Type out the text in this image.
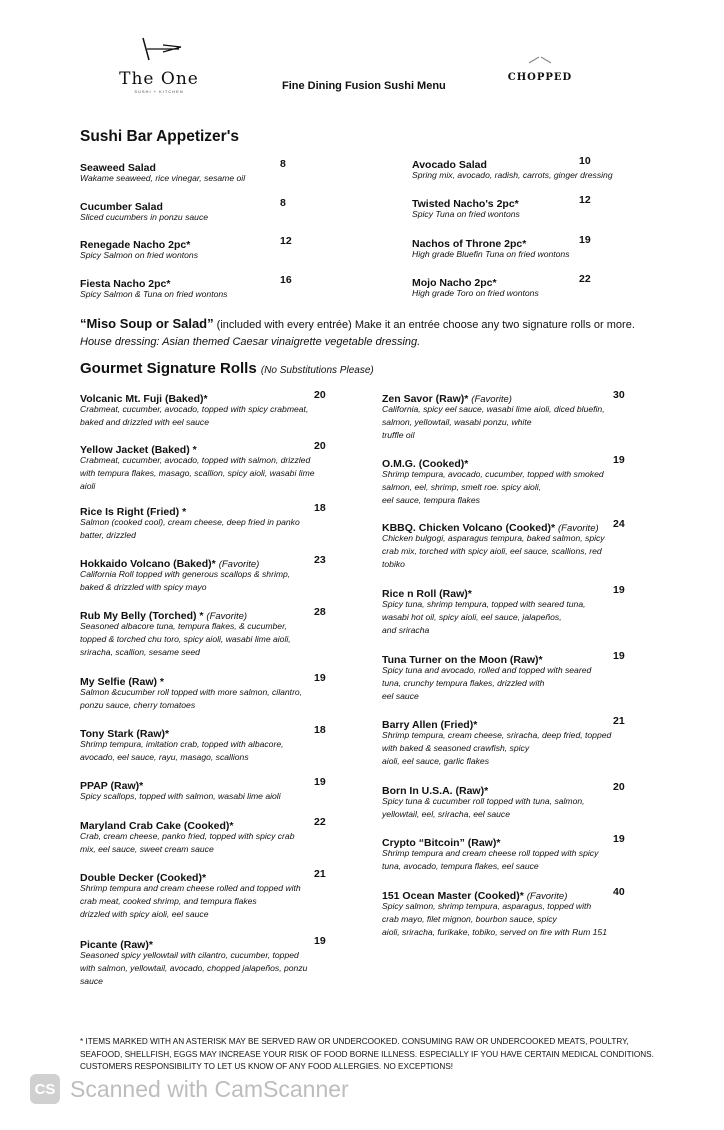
The One
SUSHI + KITCHEN	Fine Dining Fusion Sushi Menu
CHOPPED
Sushi Bar Appetizer's
Seaweed Salad	8
Wakame seaweed, rice vinegar, sesame oil
Cucumber Salad	8
Sliced cucumbers in ponzu sauce
Renegade Nacho 2pc*	12
Spicy Salmon on fried wontons
Fiesta Nacho 2pc*	16
Spicy Salmon & Tuna on fried wontons
Avocado Salad	10
Spring mix, avocado, radish, carrots, ginger dressing
Twisted Nacho's 2pc*	12
Spicy Tuna on fried wontons
Nachos of Throne 2pc*	19
High grade Bluefin Tuna on fried wontons
Mojo Nacho 2pc*	22
High grade Toro on fried wontons
“Miso Soup or Salad” (included with every entrée) Make it an entrée choose any two signature rolls or more. House dressing: Asian themed Caesar vinaigrette vegetable dressing.
Gourmet Signature Rolls (No Substitutions Please)
Volcanic Mt. Fuji (Baked)*	20
Crabmeat, cucumber, avocado, topped with spicy crabmeat,
baked and drizzled with eel sauce
Yellow Jacket (Baked) *	20
Crabmeat, cucumber, avocado, topped with salmon, drizzled
with tempura flakes, masago, scallion, spicy aioli, wasabi lime
aioli
Rice Is Right (Fried) *	18
Salmon (cooked cool), cream cheese, deep fried in panko
batter, drizzled
Hokkaido Volcano (Baked)* (Favorite)	23
California Roll topped with generous scallops & shrimp,
baked & drizzled with spicy mayo
Rub My Belly (Torched) * (Favorite)	28
Seasoned albacore tuna, tempura flakes, & cucumber,
topped & torched chu toro, spicy aioli, wasabi lime aioli,
sriracha, scallion, sesame seed
My Selfie (Raw) *	19
Salmon &cucumber roll topped with more salmon, cilantro,
ponzu sauce, cherry tomatoes
Tony Stark (Raw)*	18
Shrimp tempura, imitation crab, topped with albacore,
avocado, eel sauce, rayu, masago, scallions
PPAP (Raw)*	19
Spicy scallops, topped with salmon, wasabi lime aioli
Maryland Crab Cake (Cooked)*	22
Crab, cream cheese, panko fried, topped with spicy crab
mix, eel sauce, sweet cream sauce
Double Decker (Cooked)*	21
Shrimp tempura and cream cheese rolled and topped with
crab meat, cooked shrimp, and tempura flakes
drizzled with spicy aioli, eel sauce
Picante (Raw)*	19
Seasoned spicy yellowtail with cilantro, cucumber, topped
with salmon, yellowtail, avocado, chopped jalapeños, ponzu
sauce
Zen Savor (Raw)* (Favorite)	30
California, spicy eel sauce, wasabi lime aioli, diced bluefin,
salmon, yellowtail, wasabi ponzu, white
truffle oil
O.M.G. (Cooked)*	19
Shrimp tempura, avocado, cucumber, topped with smoked
salmon, eel, shrimp, smelt roe. spicy aioli,
eel sauce, tempura flakes
KBBQ. Chicken Volcano (Cooked)* (Favorite) 24
Chicken bulgogi, asparagus tempura, baked salmon, spicy
crab mix, torched with spicy aioli, eel sauce, scallions, red
tobiko
Rice n Roll (Raw)*	19
Spicy tuna, shrimp tempura, topped with seared tuna,
wasabi hot oil, spicy aioli, eel sauce, jalapeños,
and sriracha
Tuna Turner on the Moon (Raw)*	19
Spicy tuna and avocado, rolled and topped with seared
tuna, crunchy tempura flakes, drizzled with
eel sauce
Barry Allen (Fried)*	21
Shrimp tempura, cream cheese, sriracha, deep fried, topped
with baked & seasoned crawfish, spicy
aioli, eel sauce, garlic flakes
Born In U.S.A. (Raw)*	20
Spicy tuna & cucumber roll topped with tuna, salmon,
yellowtail, eel, sriracha, eel sauce
Crypto “Bitcoin” (Raw)*	19
Shrimp tempura and cream cheese roll topped with spicy
tuna, avocado, tempura flakes, eel sauce
151 Ocean Master (Cooked)* (Favorite)	40
Spicy salmon, shrimp tempura, asparagus, topped with
crab mayo, filet mignon, bourbon sauce, spicy
aioli, sriracha, furikake, tobiko, served on fire with Rum 151
* ITEMS MARKED WITH AN ASTERISK MAY BE SERVED RAW OR UNDERCOOKED. CONSUMING RAW OR UNDERCOOKED MEATS, POULTRY, SEAFOOD, SHELLFISH, EGGS MAY INCREASE YOUR RISK OF FOOD BORNE ILLNESS. ESPECIALLY IF YOU HAVE CERTAIN MEDICAL CONDITIONS. CUSTOMERS RESPONSIBILITY TO LET US KNOW OF ANY FOOD ALLERGIES. NO EXCEPTIONS!
CS Scanned with CamScanner
